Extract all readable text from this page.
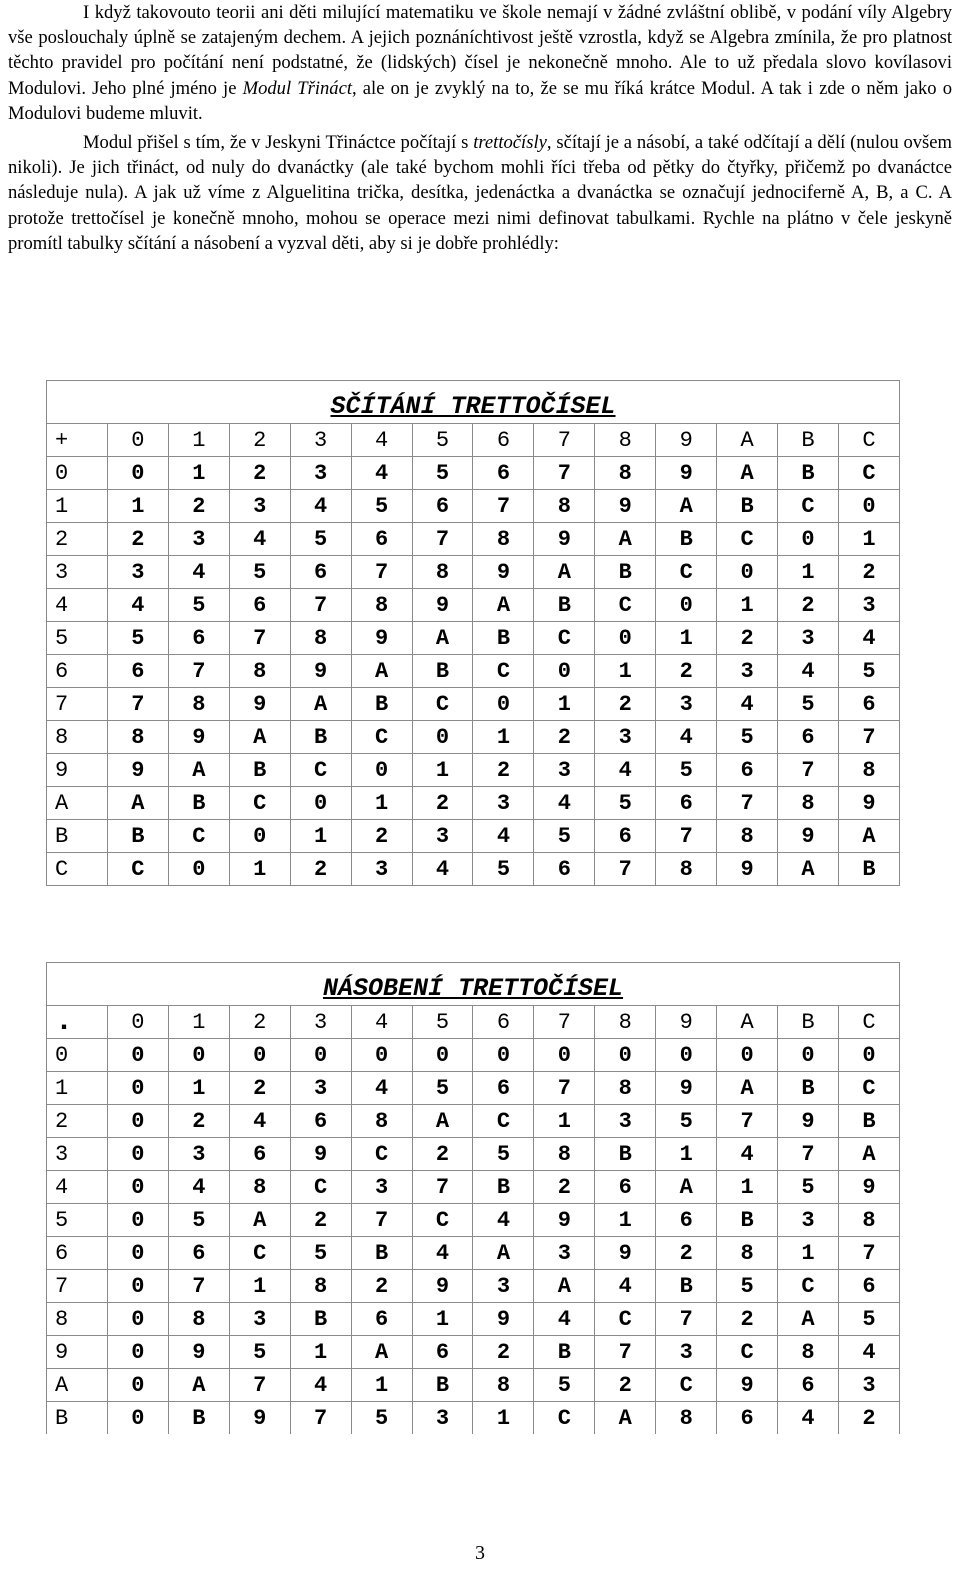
I když takovouto teorii ani děti milující matematiku ve škole nemají v žádné zvláštní oblibě, v podání víly Algebry vše poslouchaly úplně se zatajeným dechem. A jejich poznáníchtivost ještě vzrostla, když se Algebra zmínila, že pro platnost těchto pravidel pro počítání není podstatné, že (lidských) čísel je nekonečně mnoho. Ale to už předala slovo kovílasovi Modulovi. Jeho plné jméno je Modul Třináct, ale on je zvyklý na to, že se mu říká krátce Modul. A tak i zde o něm jako o Modulovi budeme mluvit.

Modul přišel s tím, že v Jeskyni Třináctce počítají s trettočísly, sčítají je a násobí, a také odčítají a dělí (nulou ovšem nikoli). Je jich třináct, od nuly do dvanáctky (ale také bychom mohli říci třeba od pětky do čtyřky, přičemž po dvanáctce následuje nula). A jak už víme z Alguelitina trička, desítka, jedenáctka a dvanáctka se označují jednociferně A, B, a C. A protože trettočísel je konečně mnoho, mohou se operace mezi nimi definovat tabulkami. Rychle na plátno v čele jeskyně promítl tabulky sčítání a násobení a vyzval děti, aby si je dobře prohlédly:

SČÍTÁNÍ TRETTOČÍSEL													
+	0	1	2	3	4	5	6	7	8	9	A	B	C
0	0	1	2	3	4	5	6	7	8	9	A	B	C
1	1	2	3	4	5	6	7	8	9	A	B	C	0
2	2	3	4	5	6	7	8	9	A	B	C	0	1
3	3	4	5	6	7	8	9	A	B	C	0	1	2
4	4	5	6	7	8	9	A	B	C	0	1	2	3
5	5	6	7	8	9	A	B	C	0	1	2	3	4
6	6	7	8	9	A	B	C	0	1	2	3	4	5
7	7	8	9	A	B	C	0	1	2	3	4	5	6
8	8	9	A	B	C	0	1	2	3	4	5	6	7
9	9	A	B	C	0	1	2	3	4	5	6	7	8
A	A	B	C	0	1	2	3	4	5	6	7	8	9
B	B	C	0	1	2	3	4	5	6	7	8	9	A
C	C	0	1	2	3	4	5	6	7	8	9	A	B
NÁSOBENÍ TRETTOČÍSEL													
.	0	1	2	3	4	5	6	7	8	9	A	B	C
0	0	0	0	0	0	0	0	0	0	0	0	0	0
1	0	1	2	3	4	5	6	7	8	9	A	B	C
2	0	2	4	6	8	A	C	1	3	5	7	9	B
3	0	3	6	9	C	2	5	8	B	1	4	7	A
4	0	4	8	C	3	7	B	2	6	A	1	5	9
5	0	5	A	2	7	C	4	9	1	6	B	3	8
6	0	6	C	5	B	4	A	3	9	2	8	1	7
7	0	7	1	8	2	9	3	A	4	B	5	C	6
8	0	8	3	B	6	1	9	4	C	7	2	A	5
9	0	9	5	1	A	6	2	B	7	3	C	8	4
A	0	A	7	4	1	B	8	5	2	C	9	6	3
B	0	B	9	7	5	3	1	C	A	8	6	4	2
3
